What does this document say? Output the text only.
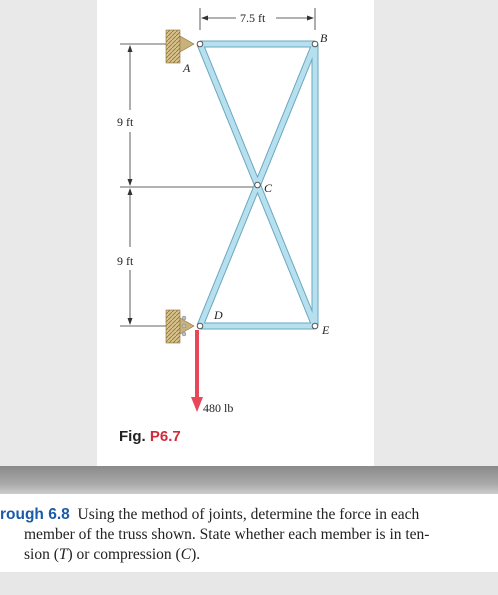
7.5 ft
9 ft
9 ft
A
B
C
D
E
480 lb
Fig. P6.7
rough 6.8 Using the method of joints, determine the force in each
member of the truss shown. State whether each member is in ten-
sion (T) or compression (C).
